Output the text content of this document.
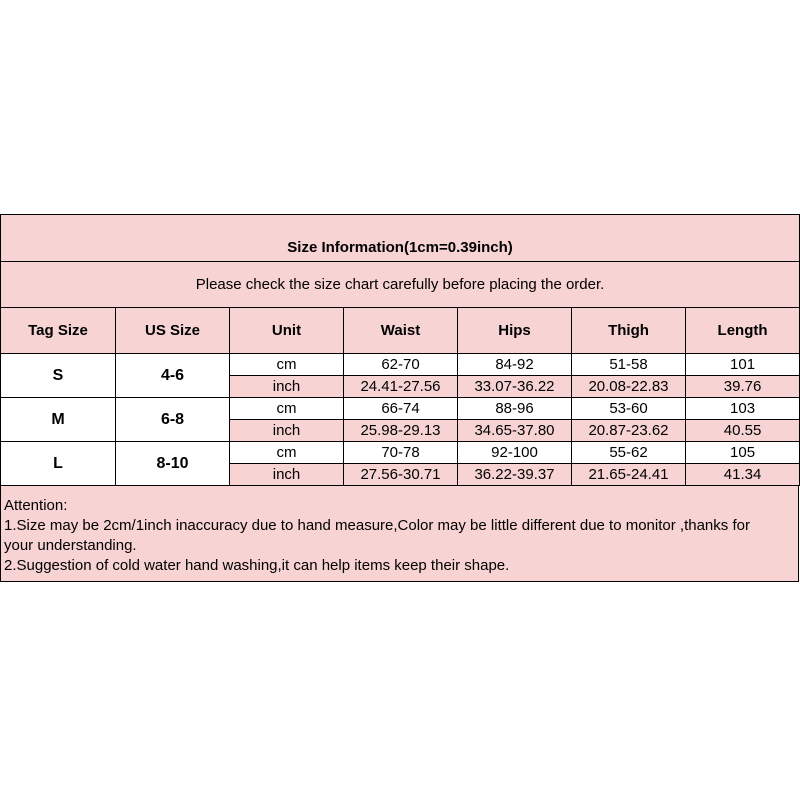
Size Information(1cm=0.39inch)						
Please check the size chart carefully before placing the order.						
Tag Size	US Size	Unit	Waist	Hips	Thigh	Length
S	4-6	cm	62-70	84-92	51-58	101
		inch	24.41-27.56	33.07-36.22	20.08-22.83	39.76
M	6-8	cm	66-74	88-96	53-60	103
		inch	25.98-29.13	34.65-37.80	20.87-23.62	40.55
L	8-10	cm	70-78	92-100	55-62	105
		inch	27.56-30.71	36.22-39.37	21.65-24.41	41.34
Attention:
1.Size may be 2cm/1inch inaccuracy due to hand measure,Color may be little different due to monitor ,thanks for
your understanding.
2.Suggestion of cold water hand washing,it can help items keep their shape.
